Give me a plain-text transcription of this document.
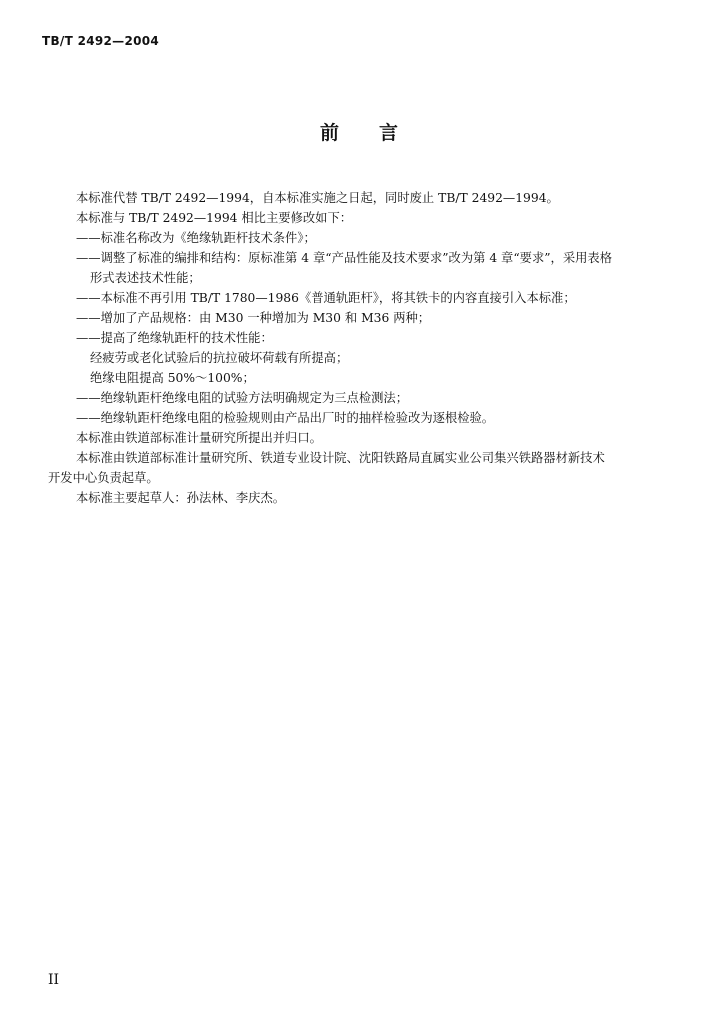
TB/T 2492—2004
前言
本标准代替 TB/T 2492—1994，自本标准实施之日起，同时废止 TB/T 2492—1994。
本标准与 TB/T 2492—1994 相比主要修改如下：
——标准名称改为《绝缘轨距杆技术条件》；
——调整了标准的编排和结构：原标准第 4 章“产品性能及技术要求”改为第 4 章“要求”，采用表格
形式表述技术性能；
——本标准不再引用 TB/T 1780—1986《普通轨距杆》，将其铁卡的内容直接引入本标准；
——增加了产品规格：由 M30 一种增加为 M30 和 M36 两种；
——提高了绝缘轨距杆的技术性能：
经疲劳或老化试验后的抗拉破坏荷载有所提高；
绝缘电阻提高 50%～100%；
——绝缘轨距杆绝缘电阻的试验方法明确规定为三点检测法；
——绝缘轨距杆绝缘电阻的检验规则由产品出厂时的抽样检验改为逐根检验。
本标准由铁道部标准计量研究所提出并归口。
本标准由铁道部标准计量研究所、铁道专业设计院、沈阳铁路局直属实业公司集兴铁路器材新技术
开发中心负责起草。
本标准主要起草人：孙法林、李庆杰。
II
